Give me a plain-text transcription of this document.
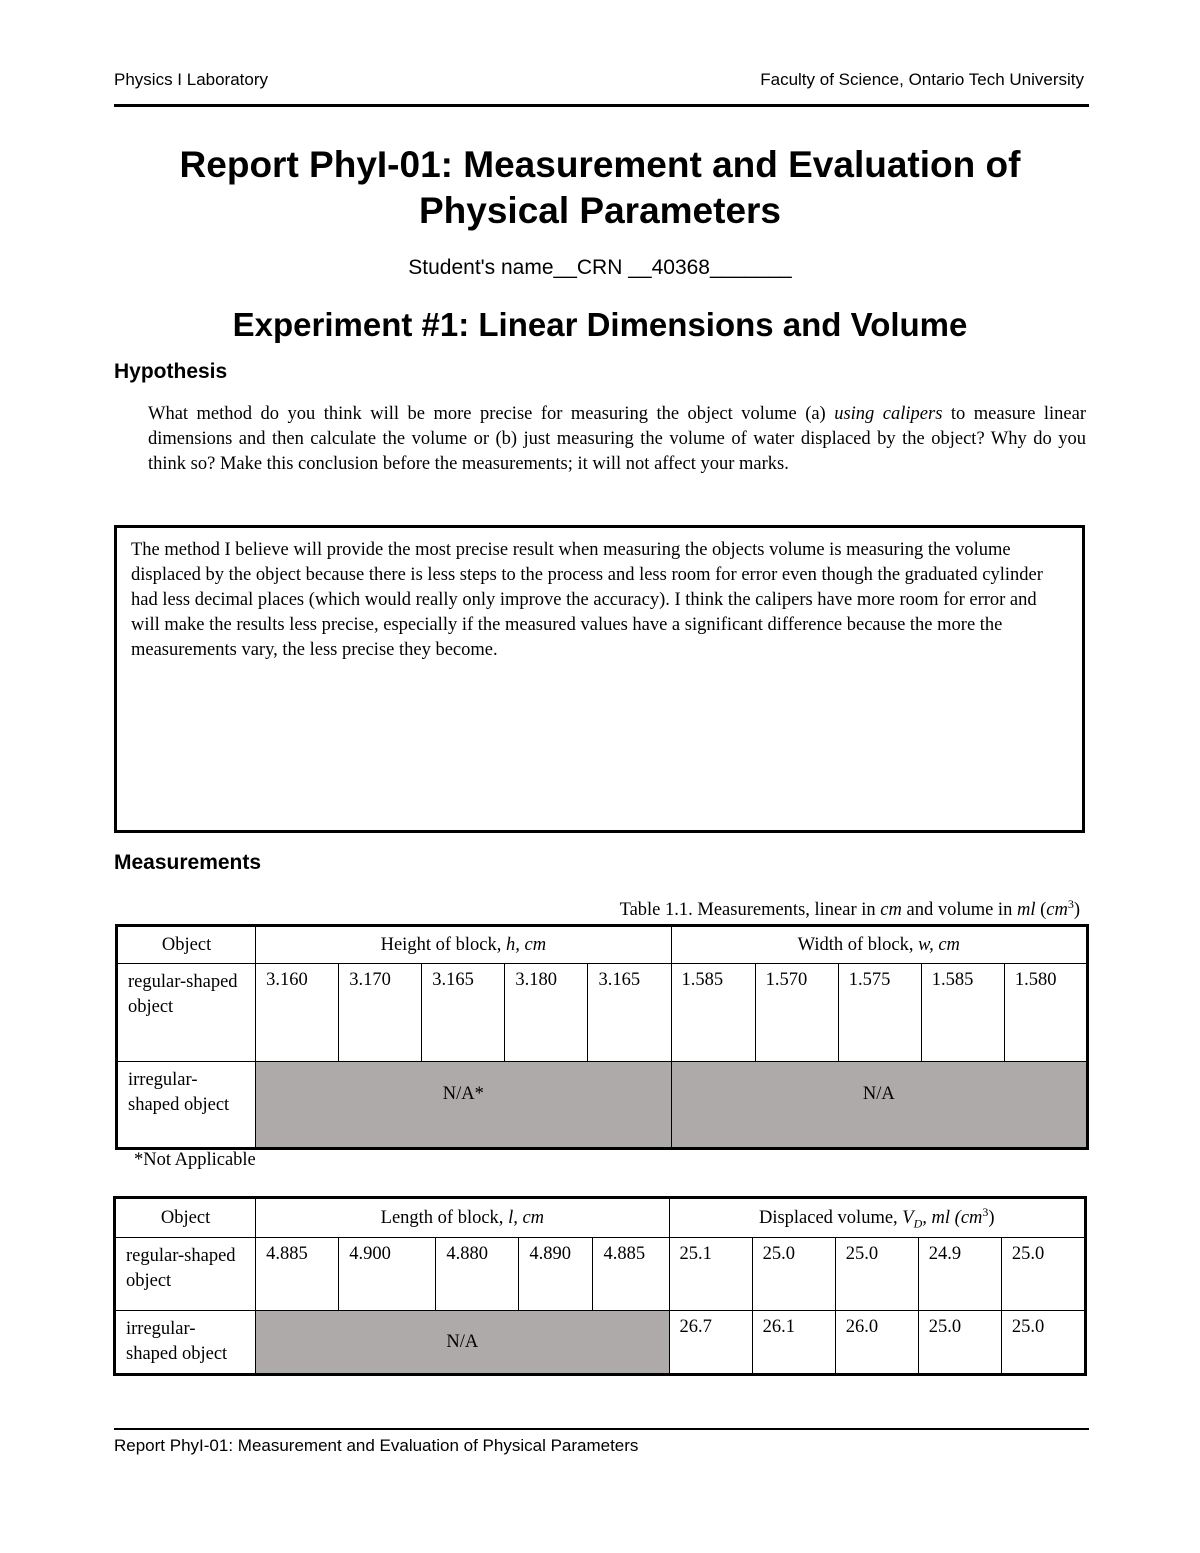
Physics I Laboratory	Faculty of Science, Ontario Tech University
Report PhyI-01: Measurement and Evaluation of
Physical Parameters
Student's name__CRN __40368_______
Experiment #1: Linear Dimensions and Volume
Hypothesis
What method do you think will be more precise for measuring the object volume (a) using calipers to measure linear dimensions and then calculate the volume or (b) just measuring the volume of water displaced by the object? Why do you think so? Make this conclusion before the measurements; it will not affect your marks.
The method I believe will provide the most precise result when measuring the objects volume is measuring the volume displaced by the object because there is less steps to the process and less room for error even though the graduated cylinder had less decimal places (which would really only improve the accuracy). I think the calipers have more room for error and will make the results less precise, especially if the measured values have a significant difference because the more the measurements vary, the less precise they become.
Measurements
Table 1.1. Measurements, linear in cm and volume in ml $(cm^3)$
Object	Height of block, h, cm					Width of block, w, cm				
regular-shaped object	3.160	3.170	3.165	3.180	3.165	1.585	1.570	1.575	1.585	1.580
irregular-shaped object	N/A*					N/A				
*Not Applicable
Object	Length of block, l, cm					Displaced volume, $V_D$, ml $(cm^3)$				
regular-shaped object	4.885	4.900	4.880	4.890	4.885	25.1	25.0	25.0	24.9	25.0
irregular-shaped object	N/A					26.7	26.1	26.0	25.0	25.0
Report PhyI-01: Measurement and Evaluation of Physical Parameters
